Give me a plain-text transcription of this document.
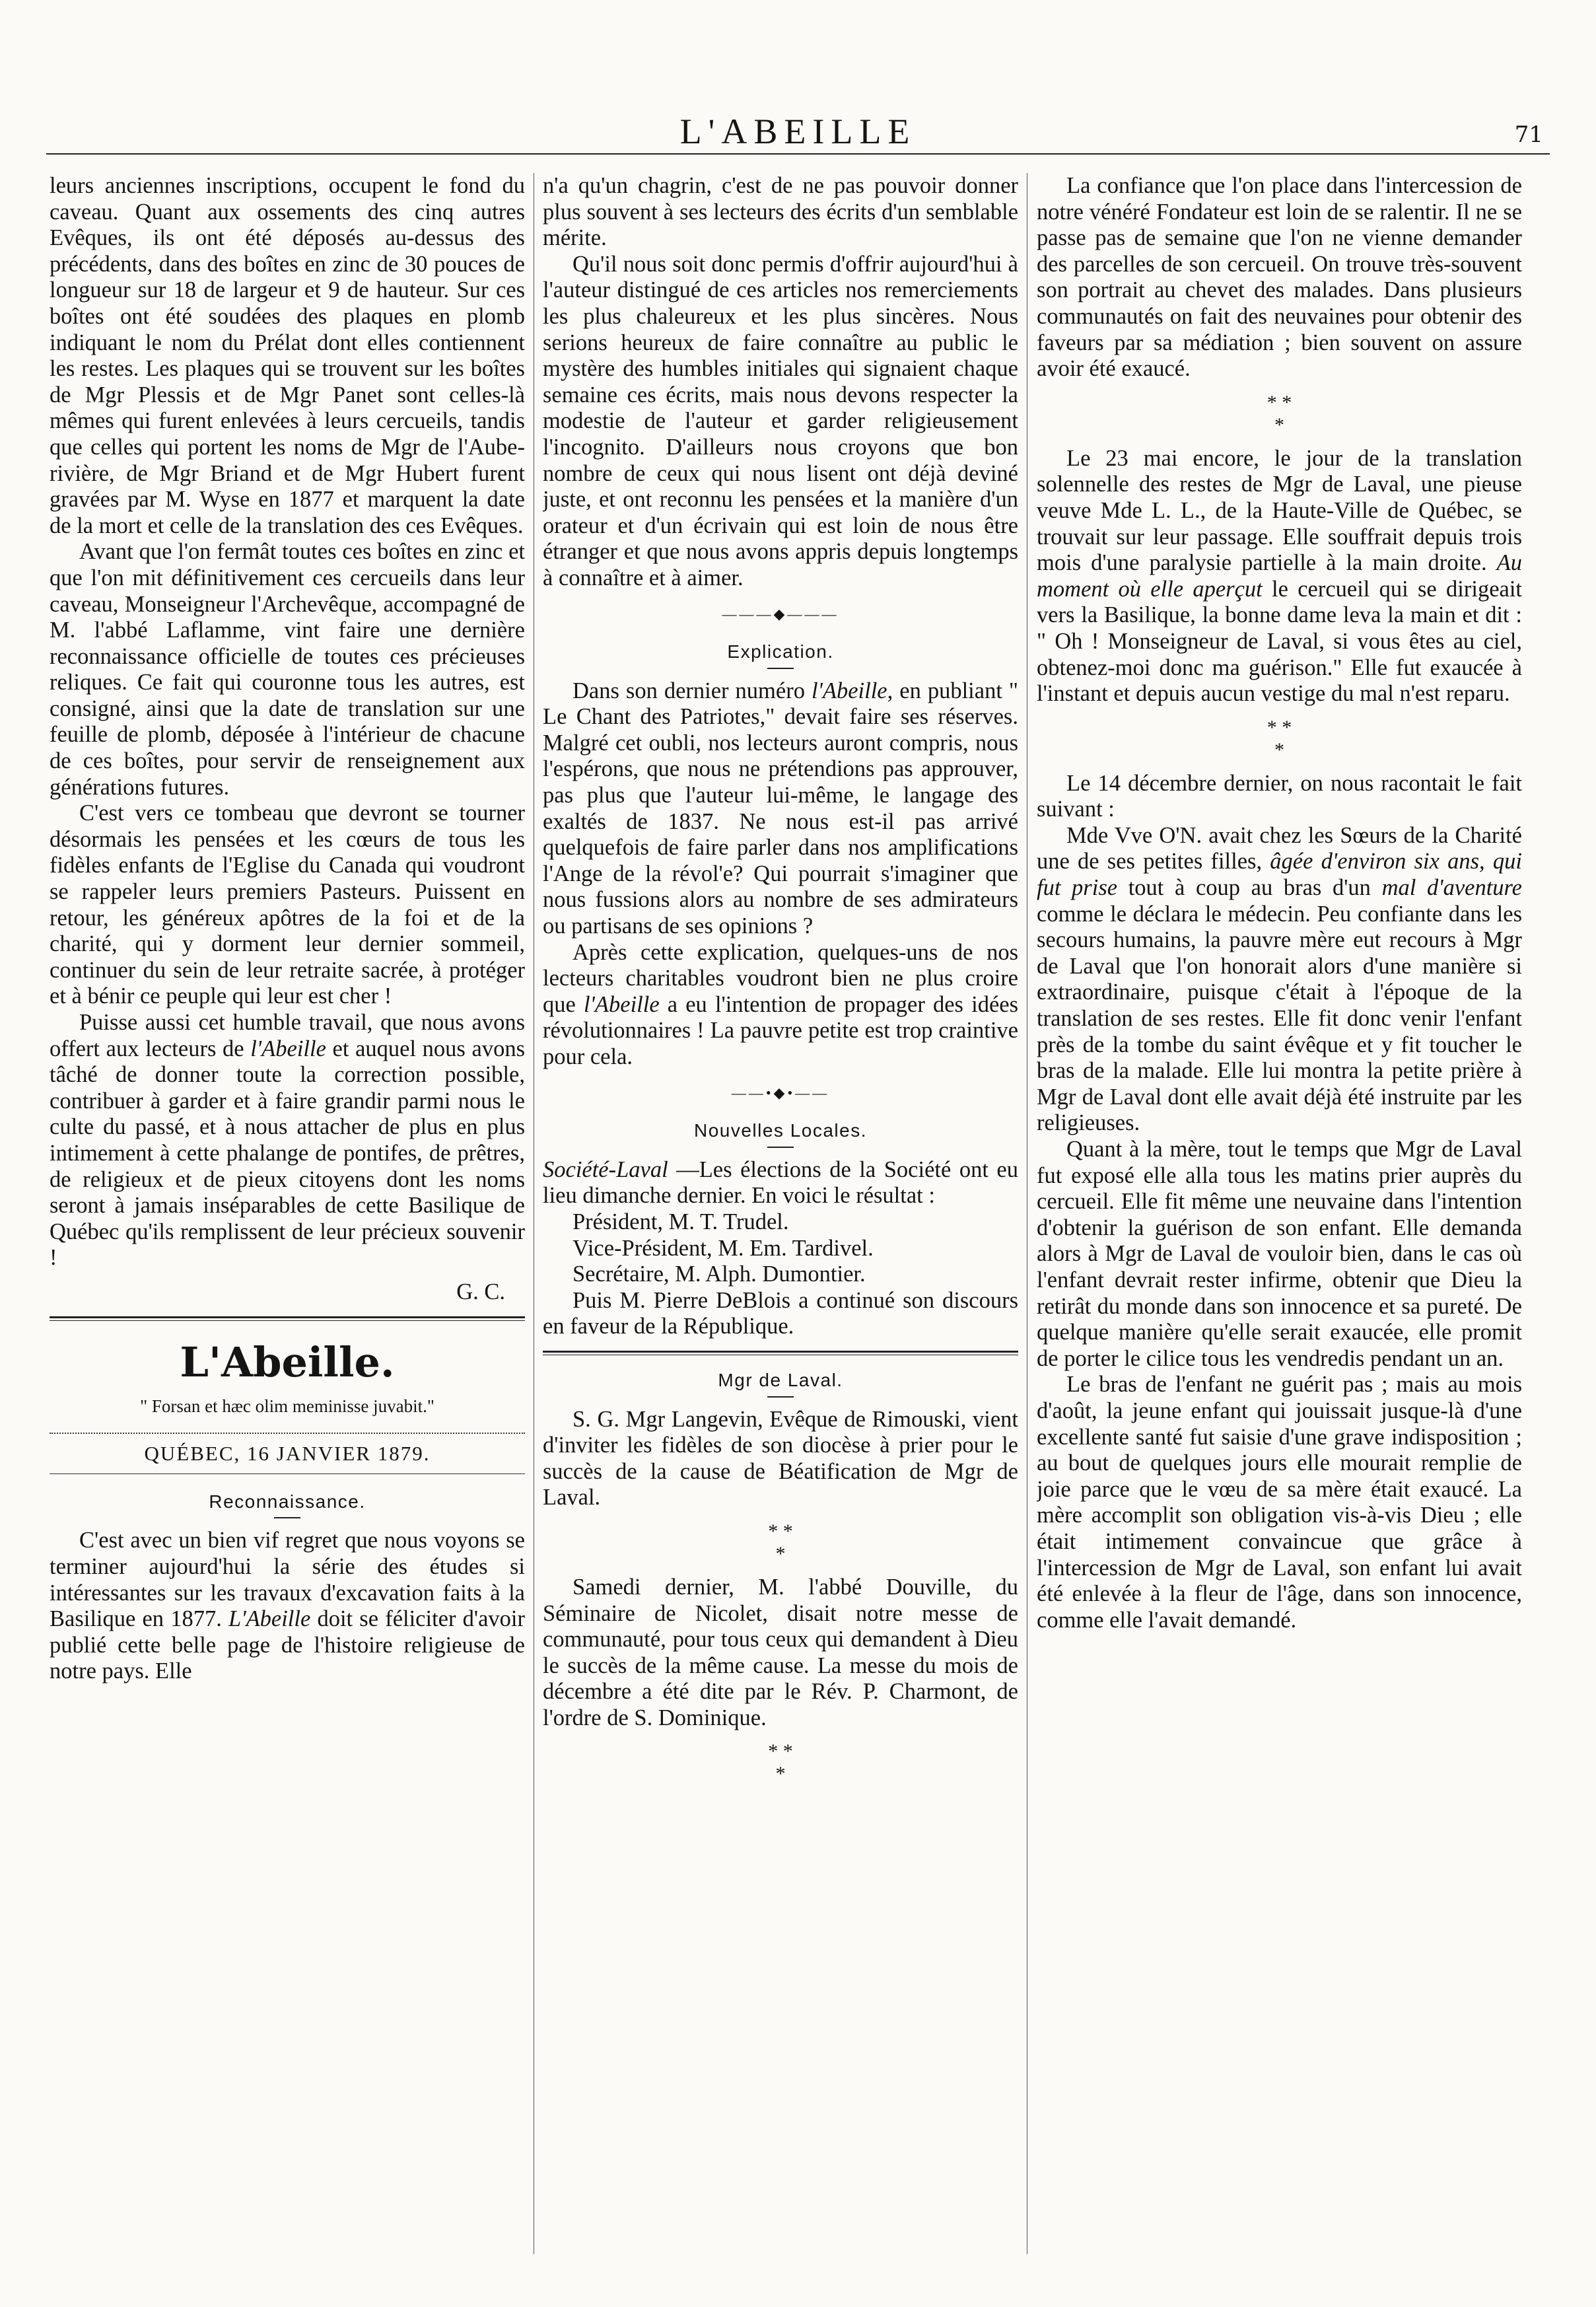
L'ABEILLE	71

leurs anciennes inscriptions, occupent le fond du caveau. Quant aux ossements des cinq autres Evêques, ils ont été déposés au-dessus des précédents, dans des boîtes en zinc de 30 pouces de longueur sur 18 de largeur et 9 de hauteur. Sur ces boîtes ont été soudées des plaques en plomb indiquant le nom du Prélat dont elles contiennent les restes. Les plaques qui se trouvent sur les boîtes de Mgr Plessis et de Mgr Panet sont celles-là mêmes qui furent enlevées à leurs cercueils, tandis que celles qui portent les noms de Mgr de l'Aube-rivière, de Mgr Briand et de Mgr Hubert furent gravées par M. Wyse en 1877 et marquent la date de la mort et celle de la translation des ces Evêques.

Avant que l'on fermât toutes ces boîtes en zinc et que l'on mit définitivement ces cercueils dans leur caveau, Monseigneur l'Archevêque, accompagné de M. l'abbé Laflamme, vint faire une dernière reconnaissance officielle de toutes ces précieuses reliques. Ce fait qui couronne tous les autres, est consigné, ainsi que la date de translation sur une feuille de plomb, déposée à l'intérieur de chacune de ces boîtes, pour servir de renseignement aux générations futures.

C'est vers ce tombeau que devront se tourner désormais les pensées et les cœurs de tous les fidèles enfants de l'Eglise du Canada qui voudront se rappeler leurs premiers Pasteurs. Puissent en retour, les généreux apôtres de la foi et de la charité, qui y dorment leur dernier sommeil, continuer du sein de leur retraite sacrée, à protéger et à bénir ce peuple qui leur est cher !

Puisse aussi cet humble travail, que nous avons offert aux lecteurs de l'Abeille et auquel nous avons tâché de donner toute la correction possible, contribuer à garder et à faire grandir parmi nous le culte du passé, et à nous attacher de plus en plus intimement à cette phalange de pontifes, de prêtres, de religieux et de pieux citoyens dont les noms seront à jamais inséparables de cette Basilique de Québec qu'ils remplissent de leur précieux souvenir !

G. C.
L'Abeille.
" Forsan et hæc olim meminisse juvabit."
QUÉBEC, 16 JANVIER 1879.
Reconnaissance.

C'est avec un bien vif regret que nous voyons se terminer aujourd'hui la série des études si intéressantes sur les travaux d'excavation faits à la Basilique en 1877. L'Abeille doit se féliciter d'avoir publié cette belle page de l'histoire religieuse de notre pays. Elle

n'a qu'un chagrin, c'est de ne pas pouvoir donner plus souvent à ses lecteurs des écrits d'un semblable mérite.

Qu'il nous soit donc permis d'offrir aujourd'hui à l'auteur distingué de ces articles nos remerciements les plus chaleureux et les plus sincères. Nous serions heureux de faire connaître au public le mystère des humbles initiales qui signaient chaque semaine ces écrits, mais nous devons respecter la modestie de l'auteur et garder religieusement l'incognito. D'ailleurs nous croyons que bon nombre de ceux qui nous lisent ont déjà deviné juste, et ont reconnu les pensées et la manière d'un orateur et d'un écrivain qui est loin de nous être étranger et que nous avons appris depuis longtemps à connaître et à aimer.

———◆———
Explication.

Dans son dernier numéro l'Abeille, en publiant " Le Chant des Patriotes," devait faire ses réserves. Malgré cet oubli, nos lecteurs auront compris, nous l'espérons, que nous ne prétendions pas approuver, pas plus que l'auteur lui-même, le langage des exaltés de 1837. Ne nous est-il pas arrivé quelquefois de faire parler dans nos amplifications l'Ange de la révol'e? Qui pourrait s'imaginer que nous fussions alors au nombre de ses admirateurs ou partisans de ses opinions ?

Après cette explication, quelques-uns de nos lecteurs charitables voudront bien ne plus croire que l'Abeille a eu l'intention de propager des idées révolutionnaires ! La pauvre petite est trop craintive pour cela.

——•◆•——
Nouvelles Locales.

Société-Laval —Les élections de la Société ont eu lieu dimanche dernier. En voici le résultat :

Président, M. T. Trudel.

Vice-Président, M. Em. Tardivel.

Secrétaire, M. Alph. Dumontier.

Puis M. Pierre DeBlois a continué son discours en faveur de la République.

Mgr de Laval.

S. G. Mgr Langevin, Evêque de Rimouski, vient d'inviter les fidèles de son diocèse à prier pour le succès de la cause de Béatification de Mgr de Laval.

* *
*

Samedi dernier, M. l'abbé Douville, du Séminaire de Nicolet, disait notre messe de communauté, pour tous ceux qui demandent à Dieu le succès de la même cause. La messe du mois de décembre a été dite par le Rév. P. Charmont, de l'ordre de S. Dominique.

* *
*

La confiance que l'on place dans l'intercession de notre vénéré Fondateur est loin de se ralentir. Il ne se passe pas de semaine que l'on ne vienne demander des parcelles de son cercueil. On trouve très-souvent son portrait au chevet des malades. Dans plusieurs communautés on fait des neuvaines pour obtenir des faveurs par sa médiation ; bien souvent on assure avoir été exaucé.

* *
*

Le 23 mai encore, le jour de la translation solennelle des restes de Mgr de Laval, une pieuse veuve Mde L. L., de la Haute-Ville de Québec, se trouvait sur leur passage. Elle souffrait depuis trois mois d'une paralysie partielle à la main droite. Au moment où elle aperçut le cercueil qui se dirigeait vers la Basilique, la bonne dame leva la main et dit : " Oh ! Monseigneur de Laval, si vous êtes au ciel, obtenez-moi donc ma guérison." Elle fut exaucée à l'instant et depuis aucun vestige du mal n'est reparu.

* *
*

Le 14 décembre dernier, on nous racontait le fait suivant :

Mde Vve O'N. avait chez les Sœurs de la Charité une de ses petites filles, âgée d'environ six ans, qui fut prise tout à coup au bras d'un mal d'aventure comme le déclara le médecin. Peu confiante dans les secours humains, la pauvre mère eut recours à Mgr de Laval que l'on honorait alors d'une manière si extraordinaire, puisque c'était à l'époque de la translation de ses restes. Elle fit donc venir l'enfant près de la tombe du saint évêque et y fit toucher le bras de la malade. Elle lui montra la petite prière à Mgr de Laval dont elle avait déjà été instruite par les religieuses.

Quant à la mère, tout le temps que Mgr de Laval fut exposé elle alla tous les matins prier auprès du cercueil. Elle fit même une neuvaine dans l'intention d'obtenir la guérison de son enfant. Elle demanda alors à Mgr de Laval de vouloir bien, dans le cas où l'enfant devrait rester infirme, obtenir que Dieu la retirât du monde dans son innocence et sa pureté. De quelque manière qu'elle serait exaucée, elle promit de porter le cilice tous les vendredis pendant un an.

Le bras de l'enfant ne guérit pas ; mais au mois d'août, la jeune enfant qui jouissait jusque-là d'une excellente santé fut saisie d'une grave indisposition ; au bout de quelques jours elle mourait remplie de joie parce que le vœu de sa mère était exaucé. La mère accomplit son obligation vis-à-vis Dieu ; elle était intimement convaincue que grâce à l'intercession de Mgr de Laval, son enfant lui avait été enlevée à la fleur de l'âge, dans son innocence, comme elle l'avait demandé.
